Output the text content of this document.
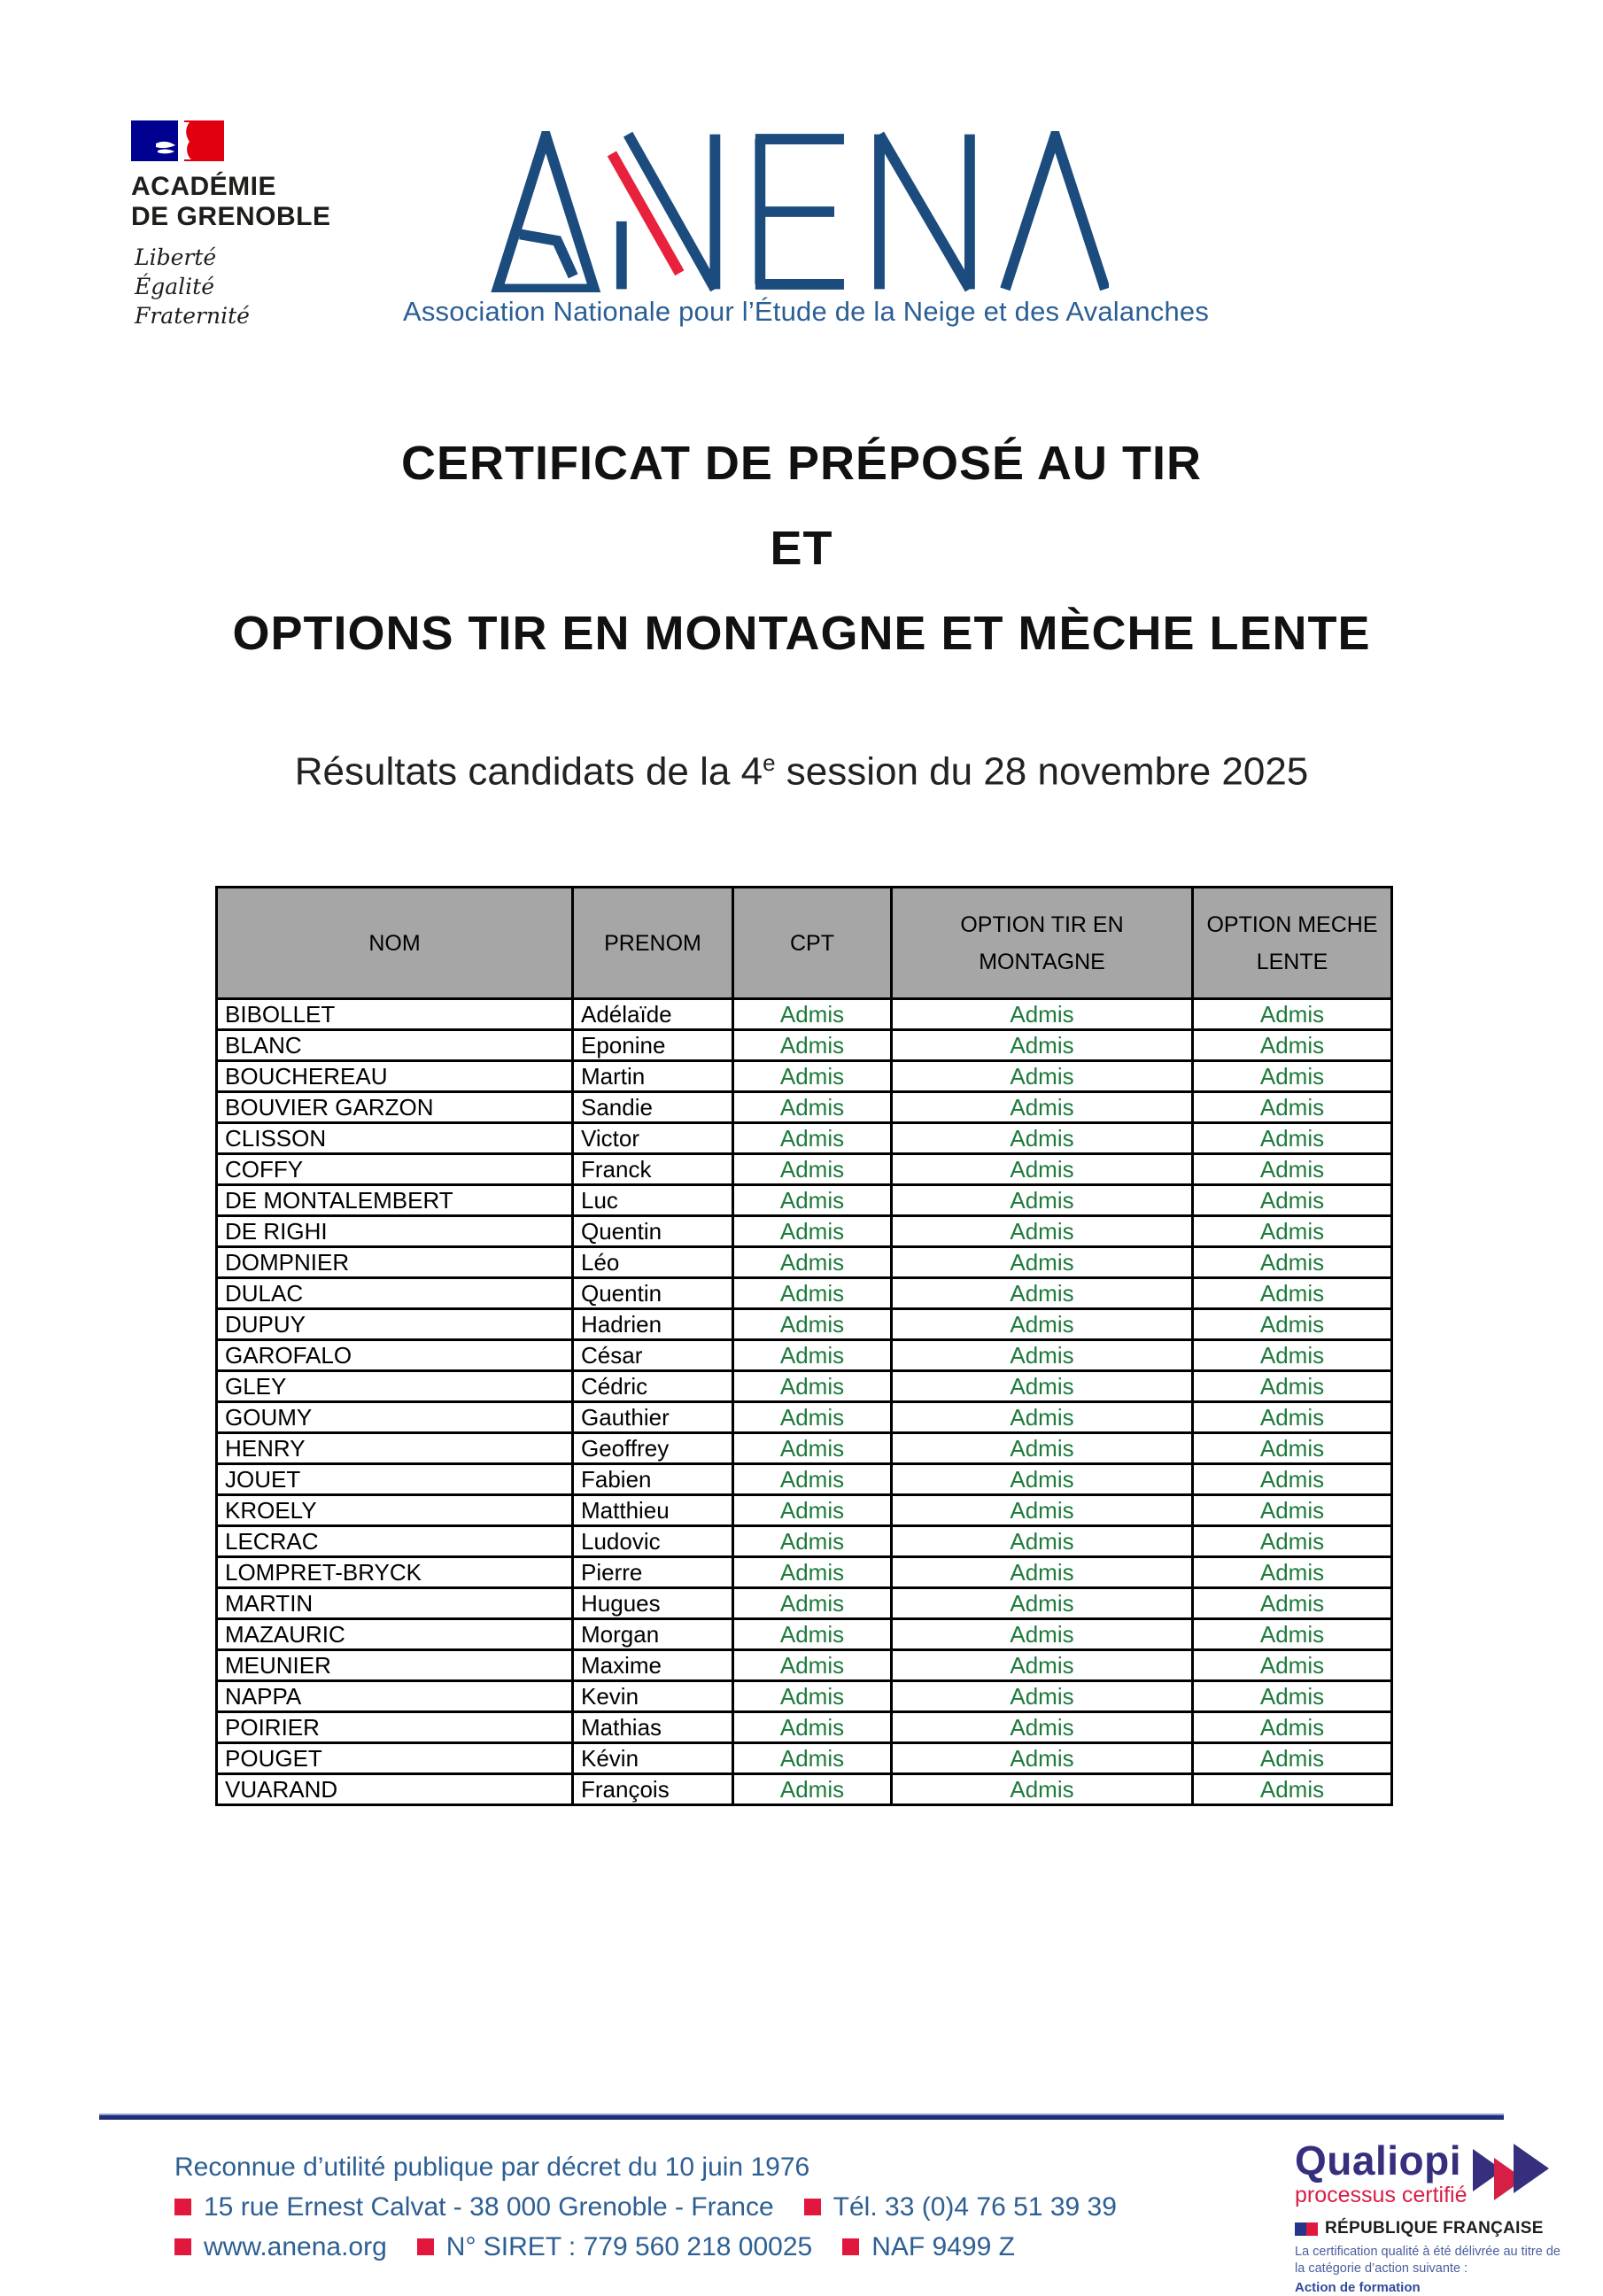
ACADÉMIE
DE GRENOBLE
Liberté
Égalité
Fraternité	Association Nationale pour l’Étude de la Neige et des Avalanches
CERTIFICAT DE PRÉPOSÉ AU TIR
ET
OPTIONS TIR EN MONTAGNE ET MÈCHE LENTE
Résultats candidats de la 4e session du 28 novembre 2025
NOM	PRENOM	CPT	OPTION TIR EN MONTAGNE	OPTION MECHE LENTE
BIBOLLET	Adélaïde	Admis	Admis	Admis
BLANC	Eponine	Admis	Admis	Admis
BOUCHEREAU	Martin	Admis	Admis	Admis
BOUVIER GARZON	Sandie	Admis	Admis	Admis
CLISSON	Victor	Admis	Admis	Admis
COFFY	Franck	Admis	Admis	Admis
DE MONTALEMBERT	Luc	Admis	Admis	Admis
DE RIGHI	Quentin	Admis	Admis	Admis
DOMPNIER	Léo	Admis	Admis	Admis
DULAC	Quentin	Admis	Admis	Admis
DUPUY	Hadrien	Admis	Admis	Admis
GAROFALO	César	Admis	Admis	Admis
GLEY	Cédric	Admis	Admis	Admis
GOUMY	Gauthier	Admis	Admis	Admis
HENRY	Geoffrey	Admis	Admis	Admis
JOUET	Fabien	Admis	Admis	Admis
KROELY	Matthieu	Admis	Admis	Admis
LECRAC	Ludovic	Admis	Admis	Admis
LOMPRET-BRYCK	Pierre	Admis	Admis	Admis
MARTIN	Hugues	Admis	Admis	Admis
MAZAURIC	Morgan	Admis	Admis	Admis
MEUNIER	Maxime	Admis	Admis	Admis
NAPPA	Kevin	Admis	Admis	Admis
POIRIER	Mathias	Admis	Admis	Admis
POUGET	Kévin	Admis	Admis	Admis
VUARAND	François	Admis	Admis	Admis
Reconnue d’utilité publique par décret du 10 juin 1976
15 rue Ernest Calvat - 38 000 Grenoble - France Tél. 33 (0)4 76 51 39 39
www.anena.org N° SIRET : 779 560 218 00025 NAF 9499 Z
Qualiopi
processus certifié
RÉPUBLIQUE FRANÇAISE
La certification qualité à été délivrée au titre de la catégorie d’action suivante :
Action de formation
